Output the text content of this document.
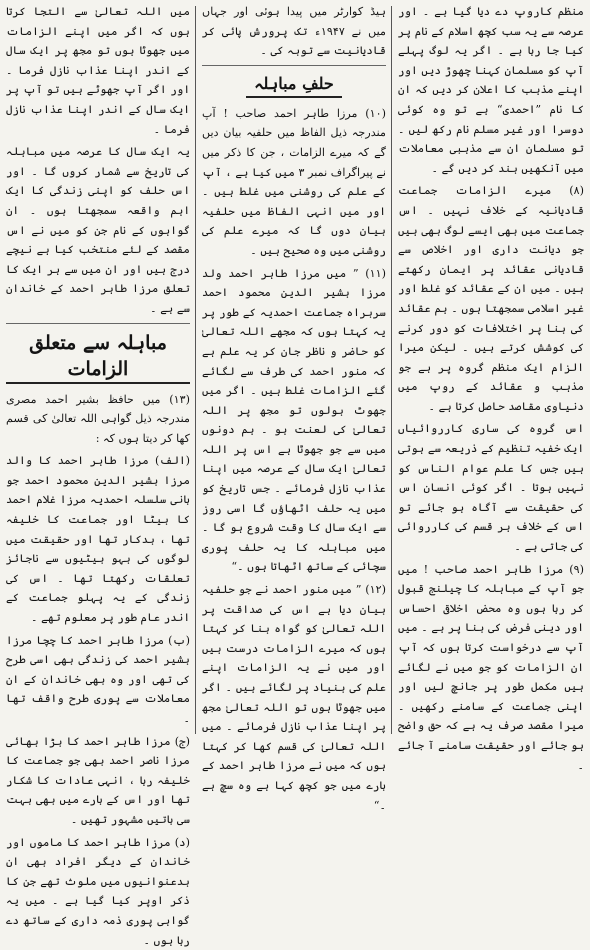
منظم کاروپ دے دیا گیا ہے ۔ اور عرصہ سے یہ سب کچھ اسلام کے نام پر کیا جا رہا ہے ۔ اگر یہ لوگ پہلے آپ کو مسلمان کہنا چھوڑ دیں اور اپنے مذہب کا اعلان کر دیں کہ ان کا نام ”احمدی“ ہے تو وہ کوئی دوسرا اور غیر مسلم نام رکھ لیں ۔ تو مسلمان ان سے مذہبی معاملات میں آنکھیں بند کر دیں گے ۔

(۸) میرے الزامات جماعت قادیانیہ کے خلاف نہیں ۔ اس جماعت میں بھی ایسے لوگ بھی ہیں جو دیانت داری اور اخلاص سے قادیانی عقائد پر ایمان رکھتے ہیں ۔ میں ان کے عقائد کو غلط اور غیر اسلامی سمجھتا ہوں ۔ ہم عقائد کی بنا پر اختلافات کو دور کرنے کی کوشش کرتے ہیں ۔ لیکن میرا الزام ایک منظم گروہ پر ہے جو مذہب و عقائد کے روپ میں دنیاوی مقاصد حاصل کرتا ہے ۔

اس گروہ کی ساری کارروائیاں ایک خفیہ تنظیم کے ذریعہ سے ہوتی ہیں جس کا علم عوام الناس کو نہیں ہوتا ۔ اگر کوئی انسان اس کی حقیقت سے آگاہ ہو جائے تو اس کے خلاف ہر قسم کی کارروائی کی جاتی ہے ۔

(۹) مرزا طاہر احمد صاحب ! میں جو آپ کے مباہلہ کا چیلنج قبول کر رہا ہوں وہ محض اخلاقی احساس اور دینی فرض کی بنا پر ہے ۔ میں آپ سے درخواست کرتا ہوں کہ آپ ان الزامات کو جو میں نے لگائے ہیں مکمل طور پر جانچ لیں اور اپنی جماعت کے سامنے رکھیں ۔ میرا مقصد صرف یہ ہے کہ حق واضح ہو جائے اور حقیقت سامنے آ جائے ۔

ہیڈ کوارٹر میں پیدا ہوئی اور جہاں میں نے ۱۹۴۷ء تک پرورش پائی کر قادیانیت سے توبہ کی ۔

حلفِ مباہلہ

(۱۰) مرزا طاہر احمد صاحب ! آپ مندرجہ ذیل الفاظ میں حلفیہ بیان دیں گے کہ میرے الزامات ، جن کا ذکر میں نے پیراگراف نمبر ۳ میں کیا ہے ، آپ کے علم کی روشنی میں غلط ہیں ۔ اور میں انہی الفاظ میں حلفیہ بیان دوں گا کہ میرے علم کی روشنی میں وہ صحیح ہیں ۔

(۱۱) ” میں مرزا طاہر احمد ولد مرزا بشیر الدین محمود احمد سربراہ جماعت احمدیہ کے طور پر یہ کہتا ہوں کہ مجھے اللہ تعالیٰ کو حاضر و ناظر جان کر یہ علم ہے کہ منور احمد کی طرف سے لگائے گئے الزامات غلط ہیں ۔ اگر میں جھوٹ بولوں تو مجھ پر اللہ تعالیٰ کی لعنت ہو ۔ ہم دونوں میں سے جو جھوٹا ہے اس پر اللہ تعالیٰ ایک سال کے عرصہ میں اپنا عذاب نازل فرمائے ۔ جس تاریخ کو میں یہ حلف اٹھاؤں گا اسی روز سے ایک سال کا وقت شروع ہو گا ۔ میں مباہلہ کا یہ حلف پوری سچائی کے ساتھ اٹھاتا ہوں ۔“

(۱۲) ” میں منور احمد نے جو حلفیہ بیان دیا ہے اس کی صداقت پر اللہ تعالیٰ کو گواہ بنا کر کہتا ہوں کہ میرے الزامات درست ہیں اور میں نے یہ الزامات اپنے علم کی بنیاد پر لگائے ہیں ۔ اگر میں جھوٹا ہوں تو اللہ تعالیٰ مجھ پر اپنا عذاب نازل فرمائے ۔ میں اللہ تعالیٰ کی قسم کھا کر کہتا ہوں کہ میں نے مرزا طاہر احمد کے بارے میں جو کچھ کہا ہے وہ سچ ہے ۔“

میں اللہ تعالیٰ سے التجا کرتا ہوں کہ اگر میں اپنے الزامات میں جھوٹا ہوں تو مجھ پر ایک سال کے اندر اپنا عذاب نازل فرما ۔ اور اگر آپ جھوٹے ہیں تو آپ پر ایک سال کے اندر اپنا عذاب نازل فرما ۔

یہ ایک سال کا عرصہ میں مباہلہ کی تاریخ سے شمار کروں گا ۔ اور اس حلف کو اپنی زندگی کا ایک اہم واقعہ سمجھتا ہوں ۔ ان گواہوں کے نام جن کو میں نے اس مقصد کے لئے منتخب کیا ہے نیچے درج ہیں اور ان میں سے ہر ایک کا تعلق مرزا طاہر احمد کے خاندان سے ہے ۔

مباہلہ سے متعلق الزامات

(۱۳) میں حافظ بشیر احمد مصری مندرجہ ذیل گواہی اللہ تعالیٰ کی قسم کھا کر دیتا ہوں کہ :

(الف) مرزا طاہر احمد کا والد مرزا بشیر الدین محمود احمد جو بانی سلسلہ احمدیہ مرزا غلام احمد کا بیٹا اور جماعت کا خلیفہ تھا ، بدکار تھا اور حقیقت میں لوگوں کی بہو بیٹیوں سے ناجائز تعلقات رکھتا تھا ۔ اس کی زندگی کے یہ پہلو جماعت کے اندر عام طور پر معلوم تھے ۔

(ب) مرزا طاہر احمد کا چچا مرزا بشیر احمد کی زندگی بھی اسی طرح کی تھی اور وہ بھی خاندان کے ان معاملات سے پوری طرح واقف تھا ۔

(ج) مرزا طاہر احمد کا بڑا بھائی مرزا ناصر احمد بھی جو جماعت کا خلیفہ رہا ، انہی عادات کا شکار تھا اور اس کے بارے میں بھی بہت سی باتیں مشہور تھیں ۔

(د) مرزا طاہر احمد کا ماموں اور خاندان کے دیگر افراد بھی ان بدعنوانیوں میں ملوث تھے جن کا ذکر اوپر کیا گیا ہے ۔ میں یہ گواہی پوری ذمہ داری کے ساتھ دے رہا ہوں ۔
